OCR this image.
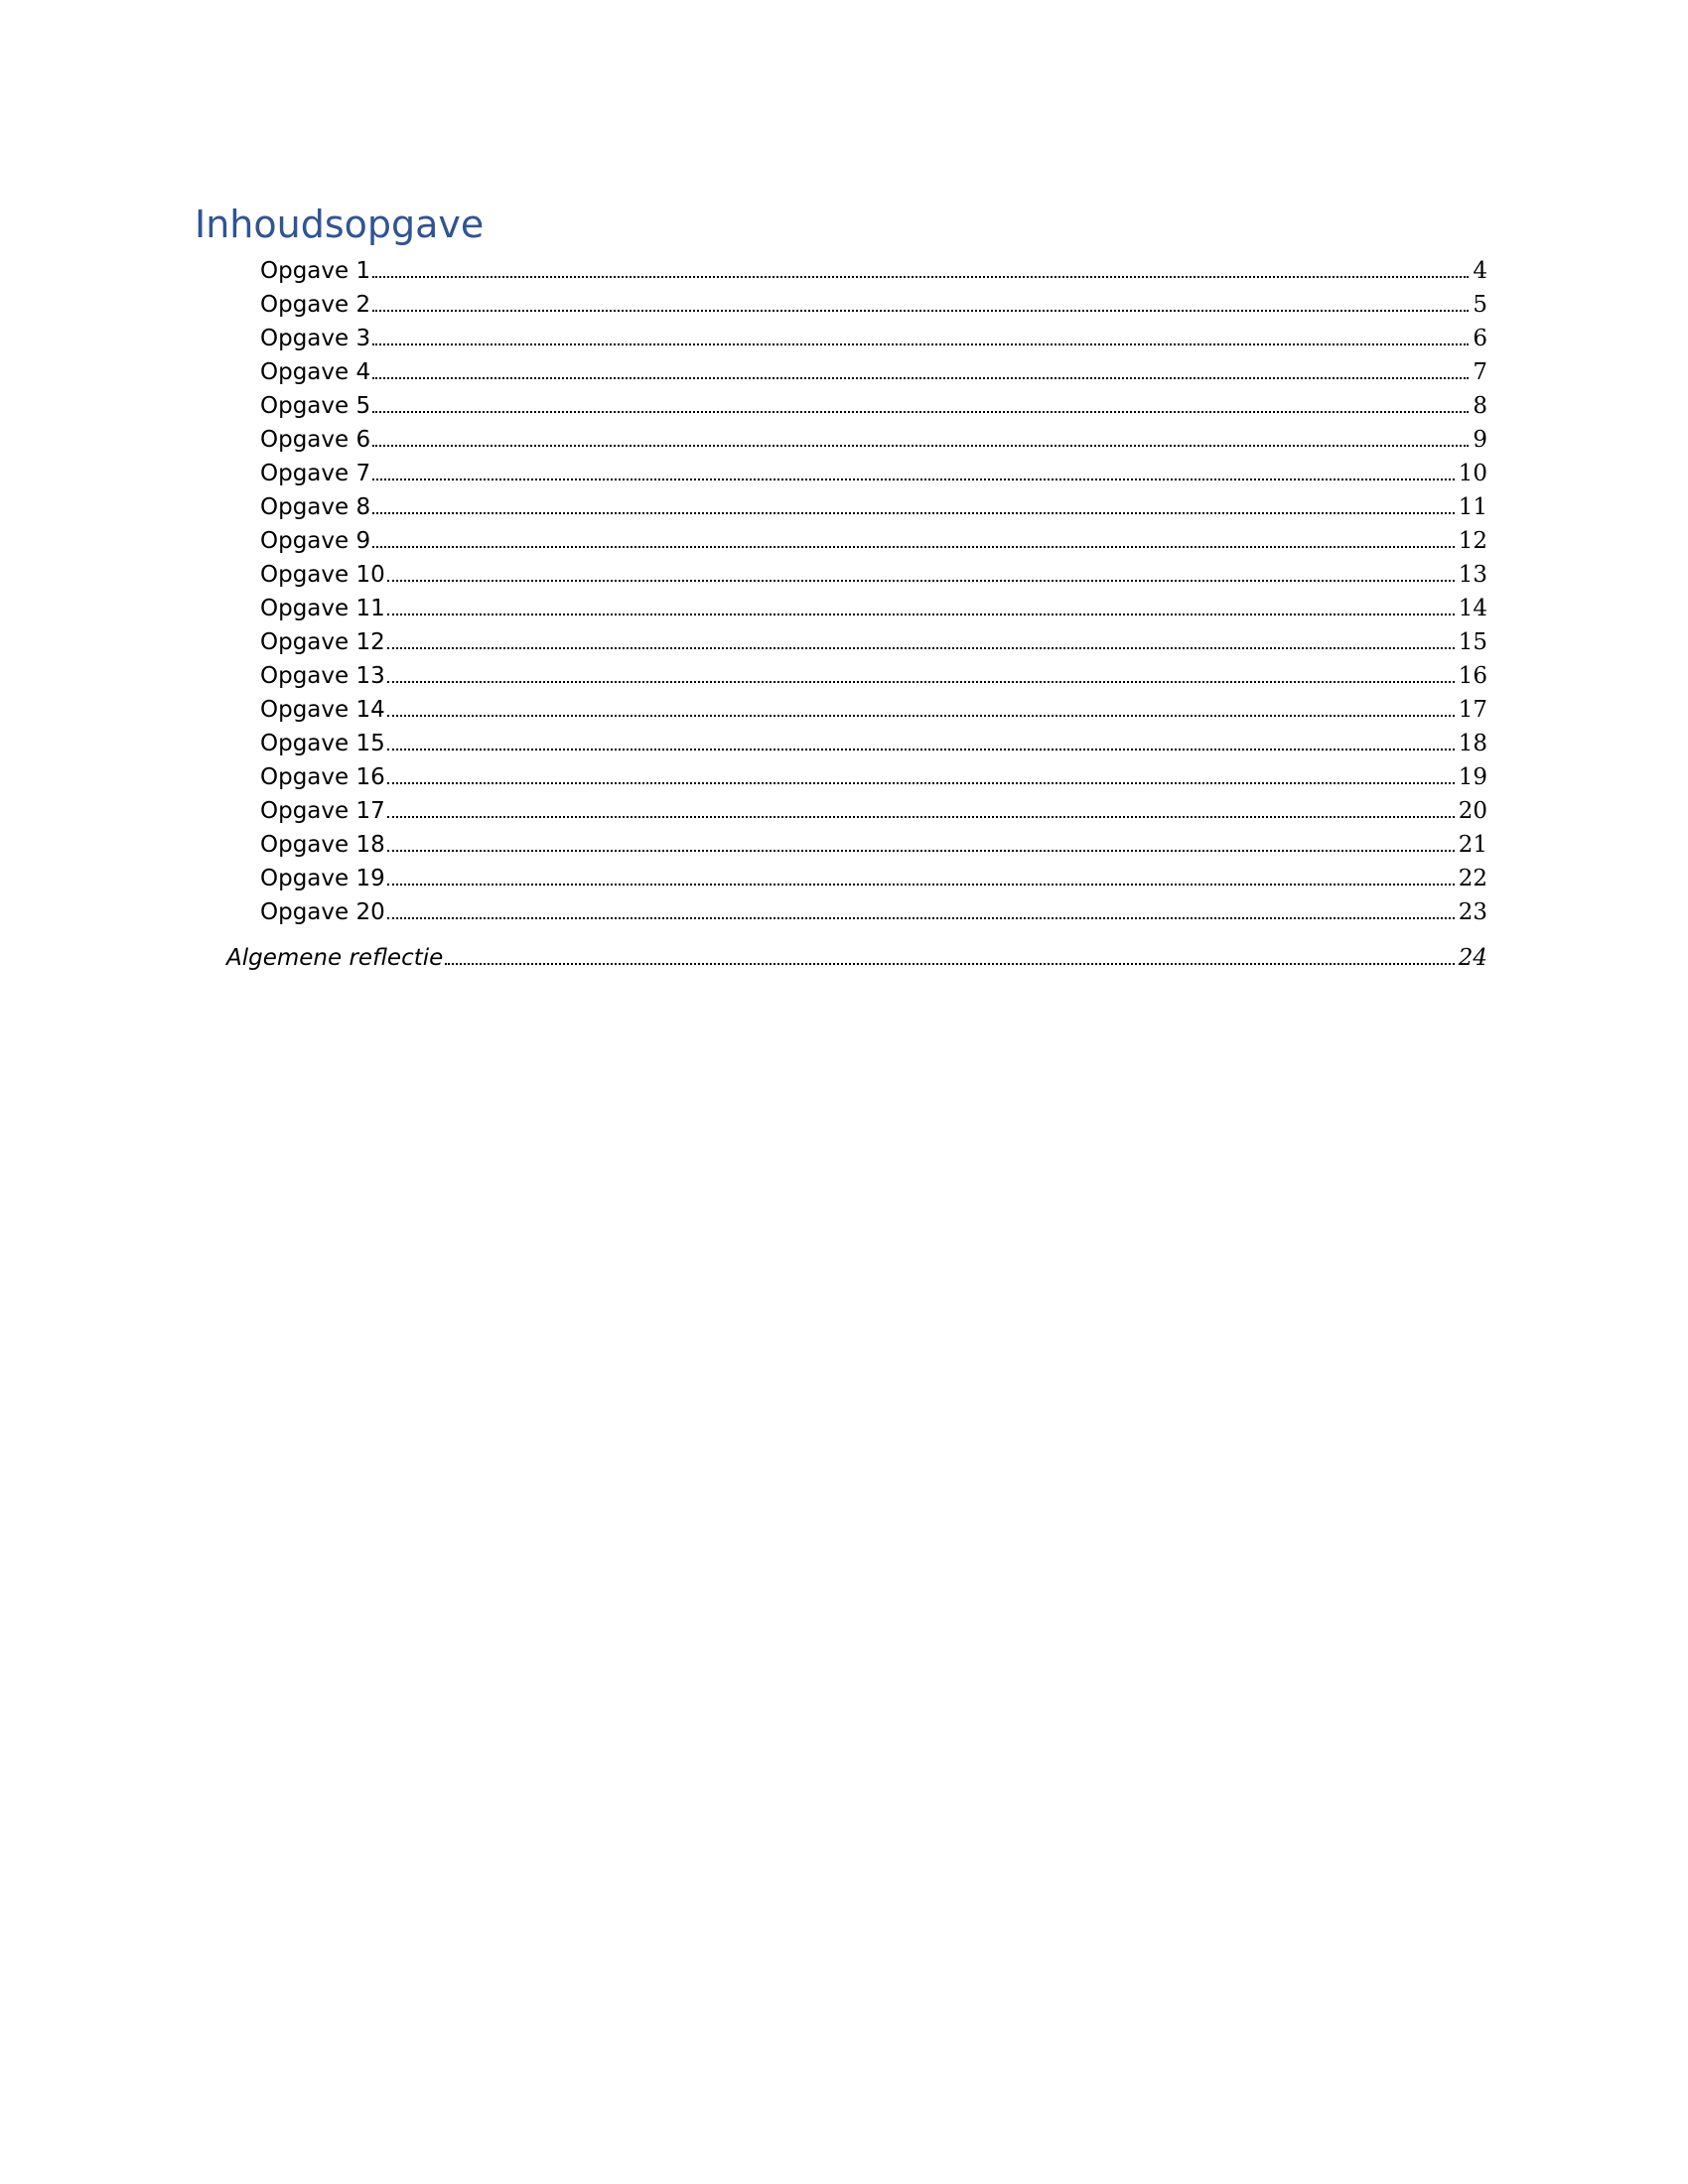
Inhoudsopgave
Opgave 1	4
Opgave 2	5
Opgave 3	6
Opgave 4	7
Opgave 5	8
Opgave 6	9
Opgave 7	10
Opgave 8	11
Opgave 9	12
Opgave 10	13
Opgave 11	14
Opgave 12	15
Opgave 13	16
Opgave 14	17
Opgave 15	18
Opgave 16	19
Opgave 17	20
Opgave 18	21
Opgave 19	22
Opgave 20	23
Algemene reflectie	24
